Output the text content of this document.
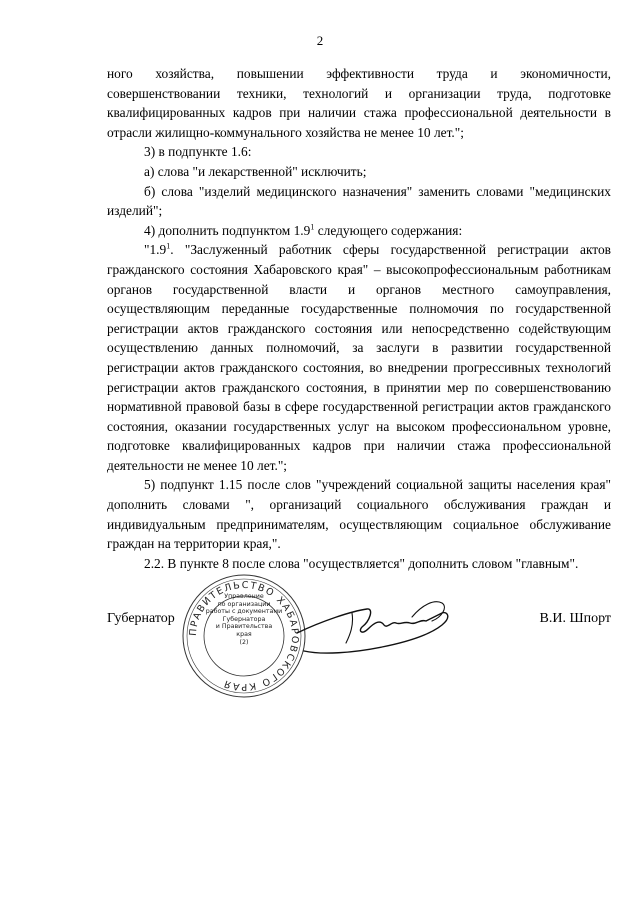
2

ного хозяйства, повышении эффективности труда и экономичности, совершенствовании техники, технологий и организации труда, подготовке квалифицированных кадров при наличии стажа профессиональной деятельности в отрасли жилищно-коммунального хозяйства не менее 10 лет.";

3) в подпункте 1.6:

а) слова "и лекарственной" исключить;

б) слова "изделий медицинского назначения" заменить словами "медицинских изделий";

4) дополнить подпунктом $1.9^1$ следующего содержания:

"$1.9^1$. "Заслуженный работник сферы государственной регистрации актов гражданского состояния Хабаровского края" – высокопрофессиональным работникам органов государственной власти и органов местного самоуправления, осуществляющим переданные государственные полномочия по государственной регистрации актов гражданского состояния или непосредственно содействующим осуществлению данных полномочий, за заслуги в развитии государственной регистрации актов гражданского состояния, во внедрении прогрессивных технологий регистрации актов гражданского состояния, в принятии мер по совершенствованию нормативной правовой базы в сфере государственной регистрации актов гражданского состояния, оказании государственных услуг на высоком профессиональном уровне, подготовке квалифицированных кадров при наличии стажа профессиональной деятельности не менее 10 лет.";

5) подпункт 1.15 после слов "учреждений социальной защиты населения края" дополнить словами ", организаций социального обслуживания граждан и индивидуальным предпринимателям, осуществляющим социальное обслуживание граждан на территории края,".

2.2. В пункте 8 после слова "осуществляется" дополнить словом "главным".

Губернатор
ПРАВИТЕЛЬСТВО ХАБАРОВСКОГО КРАЯ
Управление
по организации
работы с документами
Губернатора
и Правительства
края
(2)
В.И. Шпорт
